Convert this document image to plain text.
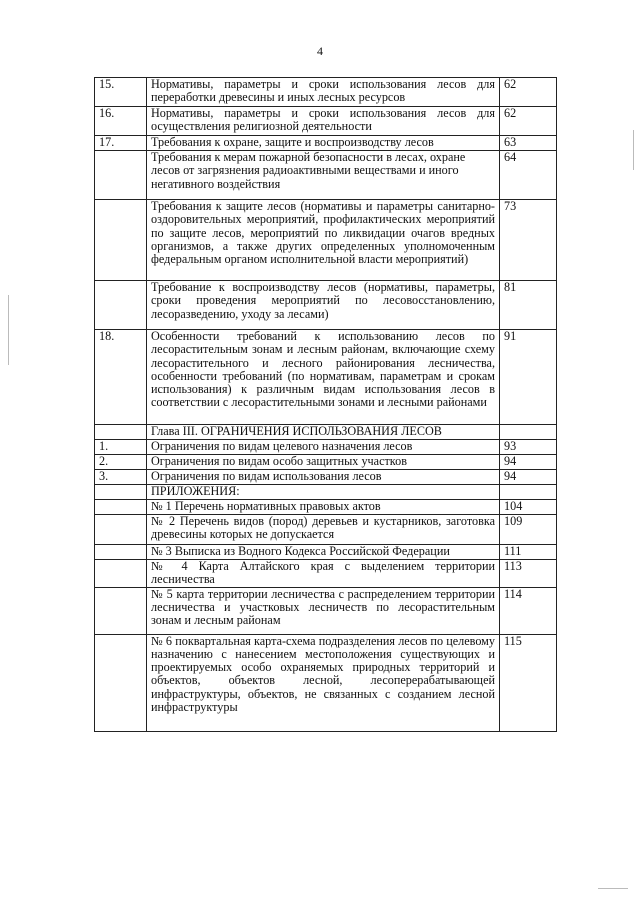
4
15.	Нормативы, параметры и сроки использования лесов для переработки древесины и иных лесных ресурсов	62
16.	Нормативы, параметры и сроки использования лесов для осуществления религиозной деятельности	62
17.	Требования к охране, защите и воспроизводству лесов	63
	Требования к мерам пожарной безопасности в лесах, охране лесов от загрязнения радиоактивными веществами и иного негативного воздействия	64
	Требования к защите лесов (нормативы и параметры санитарно-оздоровительных мероприятий, профилактических мероприятий по защите лесов, мероприятий по ликвидации очагов вредных организмов, а также других определенных уполномоченным федеральным органом исполнительной власти мероприятий)	73
	Требование к воспроизводству лесов (нормативы, параметры, сроки проведения мероприятий по лесовосстановлению, лесоразведению, уходу за лесами)	81
18.	Особенности требований к использованию лесов по лесорастительным зонам и лесным районам, включающие схему лесорастительного и лесного районирования лесничества, особенности требований (по нормативам, параметрам и срокам использования) к различным видам использования лесов в соответствии с лесорастительными зонами и лесными районами	91
	Глава III. ОГРАНИЧЕНИЯ ИСПОЛЬЗОВАНИЯ ЛЕСОВ	
1.	Ограничения по видам целевого назначения лесов	93
2.	Ограничения по видам особо защитных участков	94
3.	Ограничения по видам использования лесов	94
	ПРИЛОЖЕНИЯ:	
	№ 1 Перечень нормативных правовых актов	104
	№ 2 Перечень видов (пород) деревьев и кустарников, заготовка древесины которых не допускается	109
	№ 3 Выписка из Водного Кодекса Российской Федерации	111
	№ 4 Карта Алтайского края с выделением территории лесничества	113
	№ 5 карта территории лесничества с распределением территории лесничества и участковых лесничеств по лесорастительным зонам и лесным районам	114
	№ 6 поквартальная карта-схема подразделения лесов по целевому назначению с нанесением местоположения существующих и проектируемых особо охраняемых природных территорий и объектов, объектов лесной, лесоперерабатывающей инфраструктуры, объектов, не связанных с созданием лесной инфраструктуры	115
